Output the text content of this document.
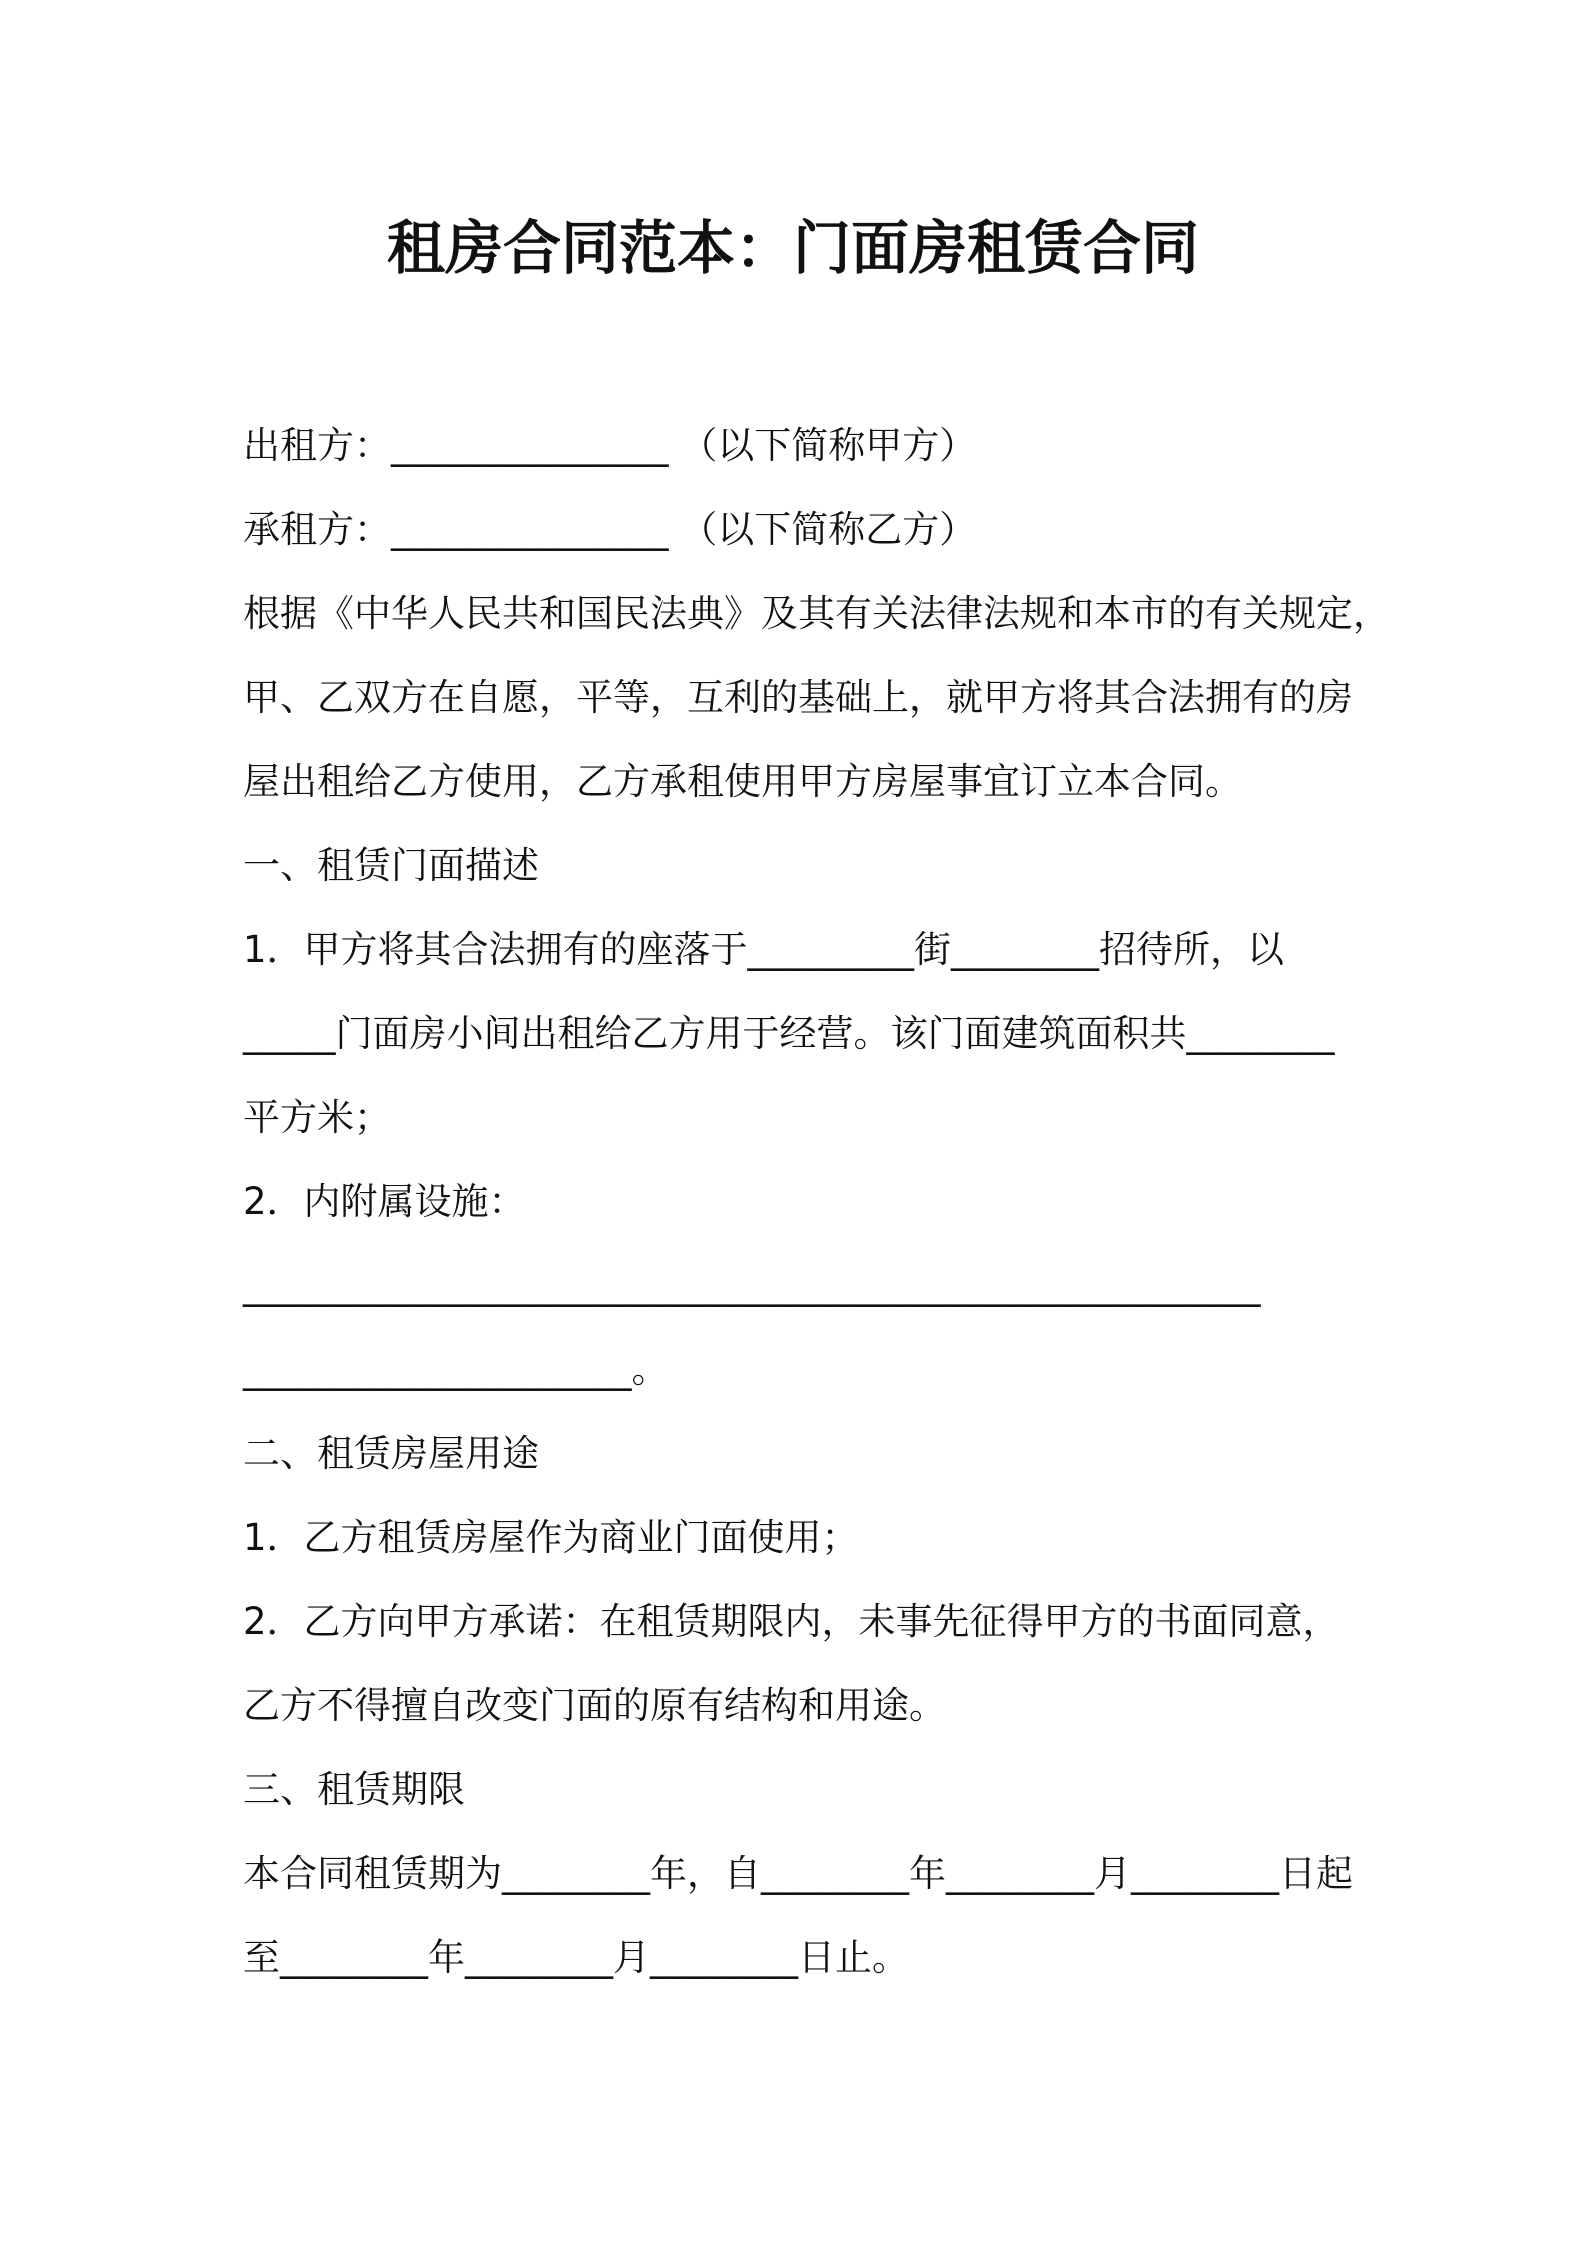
租房合同范本：门面房租赁合同
出租方：_______________ （以下简称甲方）
承租方：_______________ （以下简称乙方）
根据《中华人民共和国民法典》及其有关法律法规和本市的有关规定，
甲、乙双方在自愿，平等，互利的基础上，就甲方将其合法拥有的房
屋出租给乙方使用，乙方承租使用甲方房屋事宜订立本合同。
一、租赁门面描述
1．甲方将其合法拥有的座落于_________街________招待所，以
_____门面房小间出租给乙方用于经营。该门面建筑面积共________
平方米；
2．内附属设施：
_______________________________________________________
_____________________。
二、租赁房屋用途
1．乙方租赁房屋作为商业门面使用；
2．乙方向甲方承诺：在租赁期限内，未事先征得甲方的书面同意，
乙方不得擅自改变门面的原有结构和用途。
三、租赁期限
本合同租赁期为________年，自________年________月________日起
至________年________月________日止。
